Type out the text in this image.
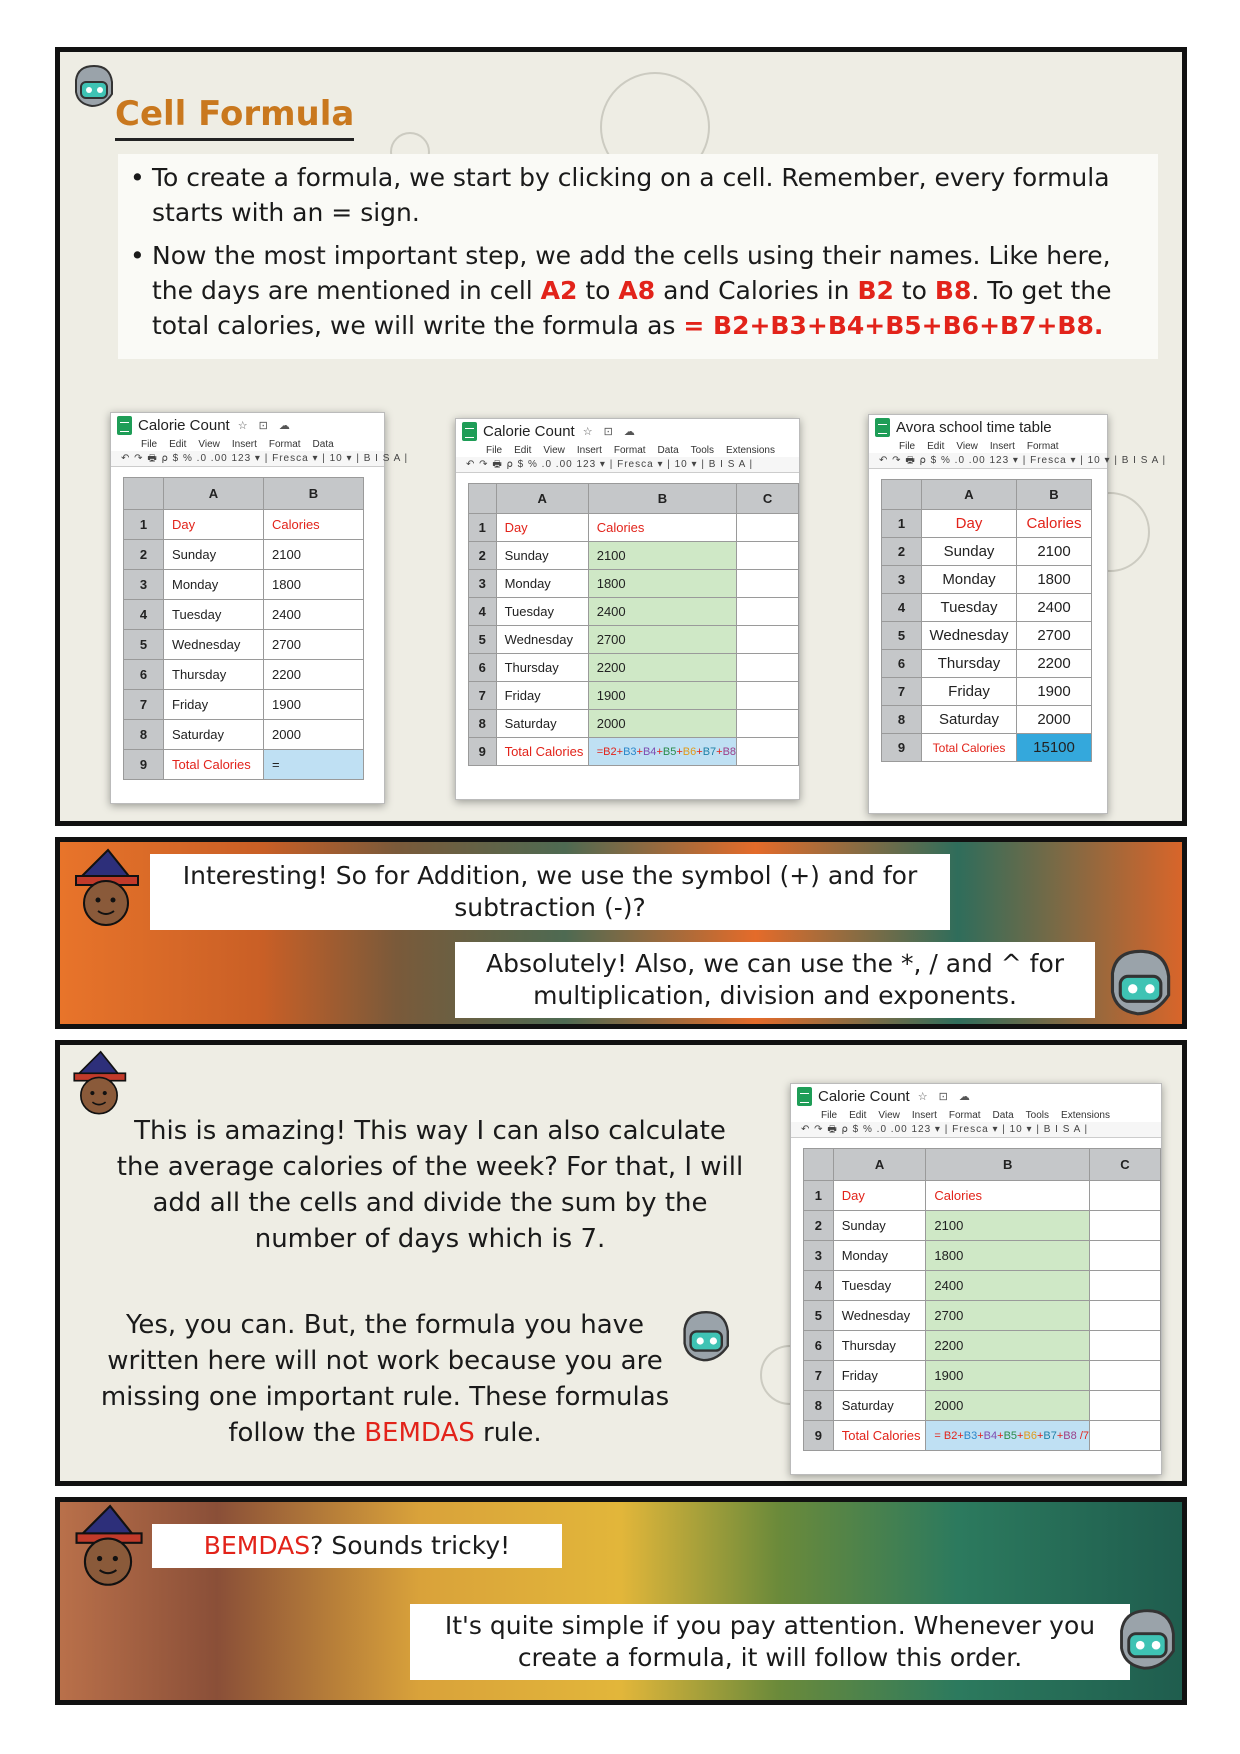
Cell Formula
• To create a formula, we start by clicking on a cell. Remember, every formula starts with an = sign.
• Now the most important step, we add the cells using their names. Like here, the days are mentioned in cell A2 to A8 and Calories in B2 to B8. To get the total calories, we will write the formula as = B2+B3+B4+B5+B6+B7+B8.
Calorie Count ☆ ⊡ ☁
File Edit View Insert Format Data
↶ ↷ 🖶 ⍴ $ % .0 .00 123 ▾ | Fresca ▾ | 10 ▾ | B I S A |
	A	B
1	Day	Calories
2	Sunday	2100
3	Monday	1800
4	Tuesday	2400
5	Wednesday	2700
6	Thursday	2200
7	Friday	1900
8	Saturday	2000
9	Total Calories	=
Calorie Count ☆ ⊡ ☁
File Edit View Insert Format Data Tools Extensions
↶ ↷ 🖶 ⍴ $ % .0 .00 123 ▾ | Fresca ▾ | 10 ▾ | B I S A |
	A	B	C
1	Day	Calories	
2	Sunday	2100	
3	Monday	1800	
4	Tuesday	2400	
5	Wednesday	2700	
6	Thursday	2200	
7	Friday	1900	
8	Saturday	2000	
9	Total Calories	=B2+B3+B4+B5+B6+B7+B8	
Avora school time table
File Edit View Insert Format
↶ ↷ 🖶 ⍴ $ % .0 .00 123 ▾ | Fresca ▾ | 10 ▾ | B I S A |
	A	B
1	Day	Calories
2	Sunday	2100
3	Monday	1800
4	Tuesday	2400
5	Wednesday	2700
6	Thursday	2200
7	Friday	1900
8	Saturday	2000
9	Total Calories	15100
Interesting! So for Addition, we use the symbol (+) and for subtraction (-)?
Absolutely! Also, we can use the *, / and ^ for multiplication, division and exponents.
This is amazing! This way I can also calculate the average calories of the week? For that, I will add all the cells and divide the sum by the number of days which is 7.
Yes, you can. But, the formula you have written here will not work because you are missing one important rule. These formulas follow the BEMDAS rule.
Calorie Count ☆ ⊡ ☁
File Edit View Insert Format Data Tools Extensions
↶ ↷ 🖶 ⍴ $ % .0 .00 123 ▾ | Fresca ▾ | 10 ▾ | B I S A |
	A	B	C
1	Day	Calories	
2	Sunday	2100	
3	Monday	1800	
4	Tuesday	2400	
5	Wednesday	2700	
6	Thursday	2200	
7	Friday	1900	
8	Saturday	2000	
9	Total Calories	= B2+B3+B4+B5+B6+B7+B8 /7	
BEMDAS? Sounds tricky!
It's quite simple if you pay attention. Whenever you create a formula, it will follow this order.
